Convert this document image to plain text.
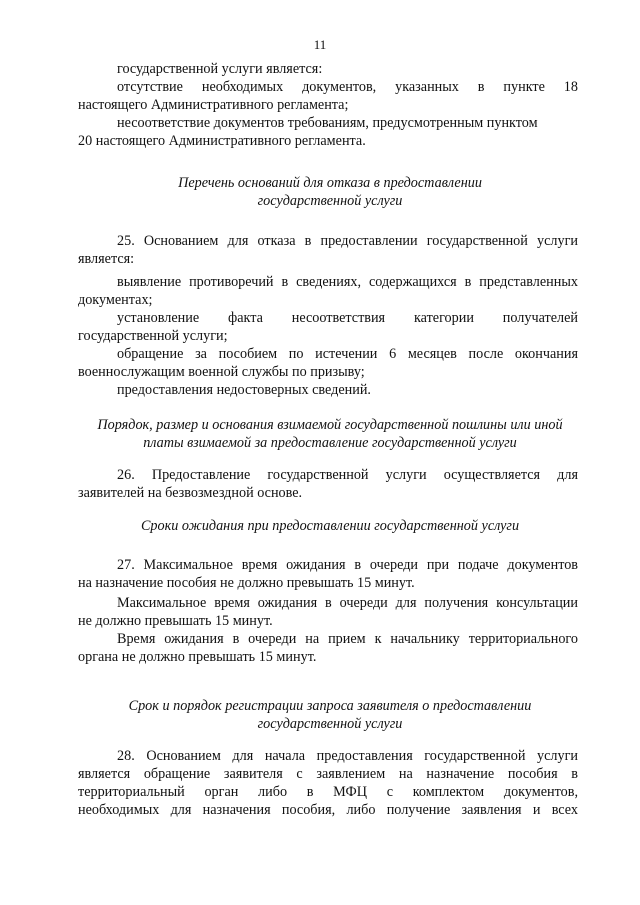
11
государственной услуги является:
отсутствие необходимых документов, указанных в пункте 18
настоящего Административного регламента;
несоответствие документов требованиям, предусмотренным пунктом
20 настоящего Административного регламента.
Перечень оснований для отказа в предоставлении
государственной услуги
25. Основанием для отказа в предоставлении государственной услуги
является:
выявление противоречий в сведениях, содержащихся в представленных
документах;
установление факта несоответствия категории получателей
государственной услуги;
обращение за пособием по истечении 6 месяцев после окончания
военнослужащим военной службы по призыву;
предоставления недостоверных сведений.
Порядок, размер и основания взимаемой государственной пошлины или иной
платы взимаемой за предоставление государственной услуги
26. Предоставление государственной услуги осуществляется для
заявителей на безвозмездной основе.
Сроки ожидания при предоставлении государственной услуги
27. Максимальное время ожидания в очереди при подаче документов
на назначение пособия не должно превышать 15 минут.
Максимальное время ожидания в очереди для получения консультации
не должно превышать 15 минут.
Время ожидания в очереди на прием к начальнику территориального
органа не должно превышать 15 минут.
Срок и порядок регистрации запроса заявителя о предоставлении
государственной услуги
28. Основанием для начала предоставления государственной услуги
является обращение заявителя с заявлением на назначение пособия в
территориальный орган либо в МФЦ с комплектом документов,
необходимых для назначения пособия, либо получение заявления и всех
